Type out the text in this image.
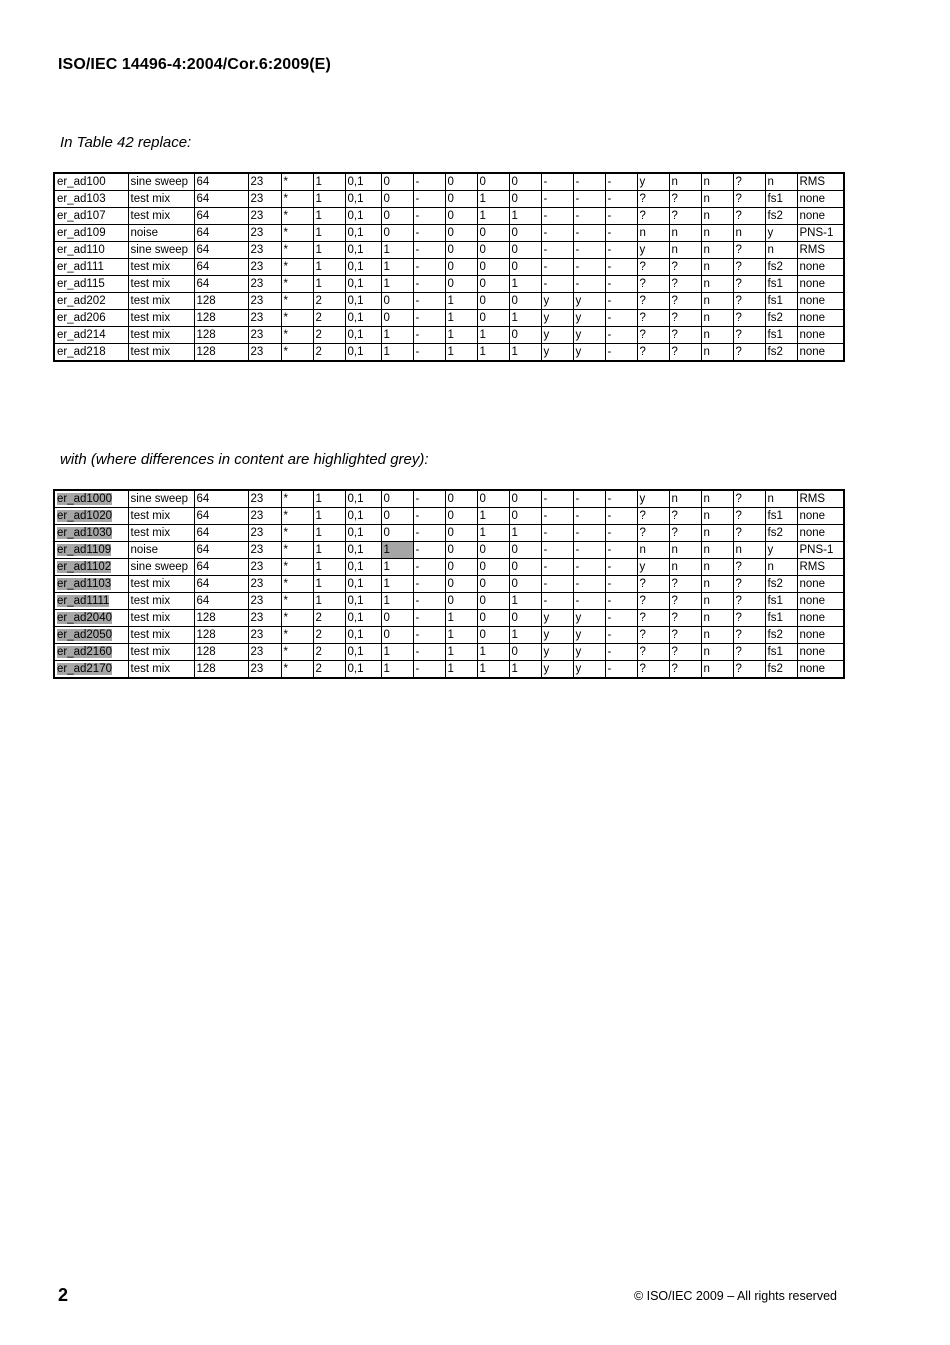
ISO/IEC 14496-4:2004/Cor.6:2009(E)
In Table 42 replace:
er_ad100	sine sweep	64	23	*	1	0,1	0	-	0	0	0	-	-	-	y	n	n	?	n	RMS
er_ad103	test mix	64	23	*	1	0,1	0	-	0	1	0	-	-	-	?	?	n	?	fs1	none
er_ad107	test mix	64	23	*	1	0,1	0	-	0	1	1	-	-	-	?	?	n	?	fs2	none
er_ad109	noise	64	23	*	1	0,1	0	-	0	0	0	-	-	-	n	n	n	n	y	PNS-1
er_ad110	sine sweep	64	23	*	1	0,1	1	-	0	0	0	-	-	-	y	n	n	?	n	RMS
er_ad111	test mix	64	23	*	1	0,1	1	-	0	0	0	-	-	-	?	?	n	?	fs2	none
er_ad115	test mix	64	23	*	1	0,1	1	-	0	0	1	-	-	-	?	?	n	?	fs1	none
er_ad202	test mix	128	23	*	2	0,1	0	-	1	0	0	y	y	-	?	?	n	?	fs1	none
er_ad206	test mix	128	23	*	2	0,1	0	-	1	0	1	y	y	-	?	?	n	?	fs2	none
er_ad214	test mix	128	23	*	2	0,1	1	-	1	1	0	y	y	-	?	?	n	?	fs1	none
er_ad218	test mix	128	23	*	2	0,1	1	-	1	1	1	y	y	-	?	?	n	?	fs2	none
with (where differences in content are highlighted grey):
er_ad1000	sine sweep	64	23	*	1	0,1	0	-	0	0	0	-	-	-	y	n	n	?	n	RMS
er_ad1020	test mix	64	23	*	1	0,1	0	-	0	1	0	-	-	-	?	?	n	?	fs1	none
er_ad1030	test mix	64	23	*	1	0,1	0	-	0	1	1	-	-	-	?	?	n	?	fs2	none
er_ad1109	noise	64	23	*	1	0,1	1	-	0	0	0	-	-	-	n	n	n	n	y	PNS-1
er_ad1102	sine sweep	64	23	*	1	0,1	1	-	0	0	0	-	-	-	y	n	n	?	n	RMS
er_ad1103	test mix	64	23	*	1	0,1	1	-	0	0	0	-	-	-	?	?	n	?	fs2	none
er_ad1111	test mix	64	23	*	1	0,1	1	-	0	0	1	-	-	-	?	?	n	?	fs1	none
er_ad2040	test mix	128	23	*	2	0,1	0	-	1	0	0	y	y	-	?	?	n	?	fs1	none
er_ad2050	test mix	128	23	*	2	0,1	0	-	1	0	1	y	y	-	?	?	n	?	fs2	none
er_ad2160	test mix	128	23	*	2	0,1	1	-	1	1	0	y	y	-	?	?	n	?	fs1	none
er_ad2170	test mix	128	23	*	2	0,1	1	-	1	1	1	y	y	-	?	?	n	?	fs2	none
2	© ISO/IEC 2009 – All rights reserved
